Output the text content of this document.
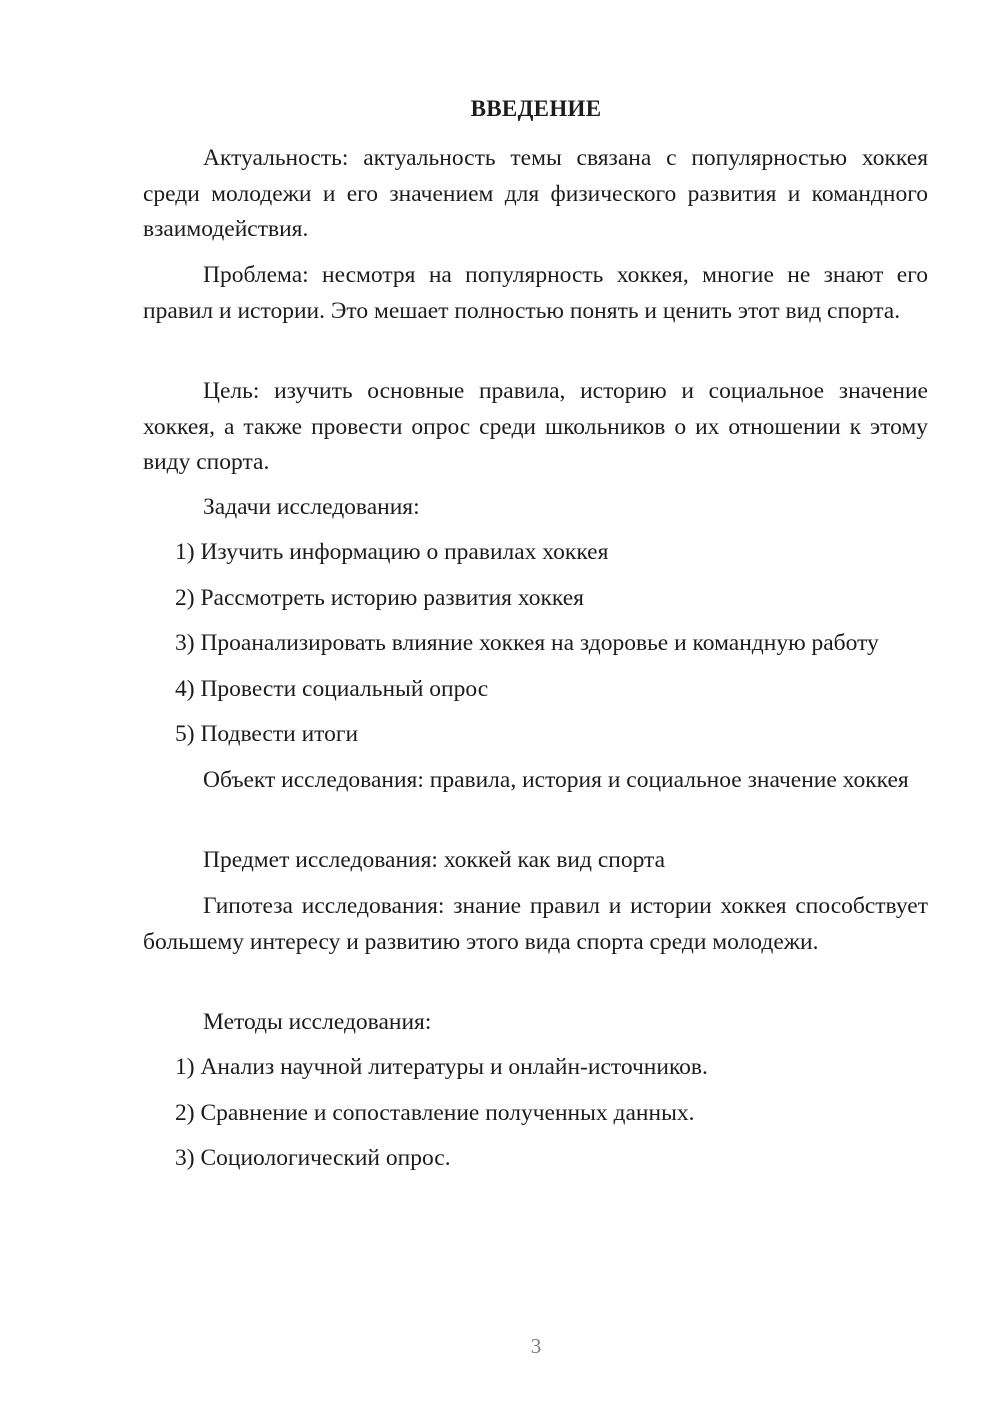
ВВЕДЕНИЕ

Актуальность: актуальность темы связана с популярностью хоккея среди молодежи и его значением для физического развития и командного взаимодействия.

Проблема: несмотря на популярность хоккея, многие не знают его правил и истории. Это мешает полностью понять и ценить этот вид спорта.

Цель: изучить основные правила, историю и социальное значение хоккея, а также провести опрос среди школьников о их отношении к этому виду спорта.

Задачи исследования:

1) Изучить информацию о правилах хоккея

2) Рассмотреть историю развития хоккея

3) Проанализировать влияние хоккея на здоровье и командную работу

4) Провести социальный опрос

5) Подвести итоги

Объект исследования: правила, история и социальное значение хоккея

Предмет исследования: хоккей как вид спорта

Гипотеза исследования: знание правил и истории хоккея способствует большему интересу и развитию этого вида спорта среди молодежи.

Методы исследования:

1) Анализ научной литературы и онлайн-источников.

2) Сравнение и сопоставление полученных данных.

3) Социологический опрос.

3
